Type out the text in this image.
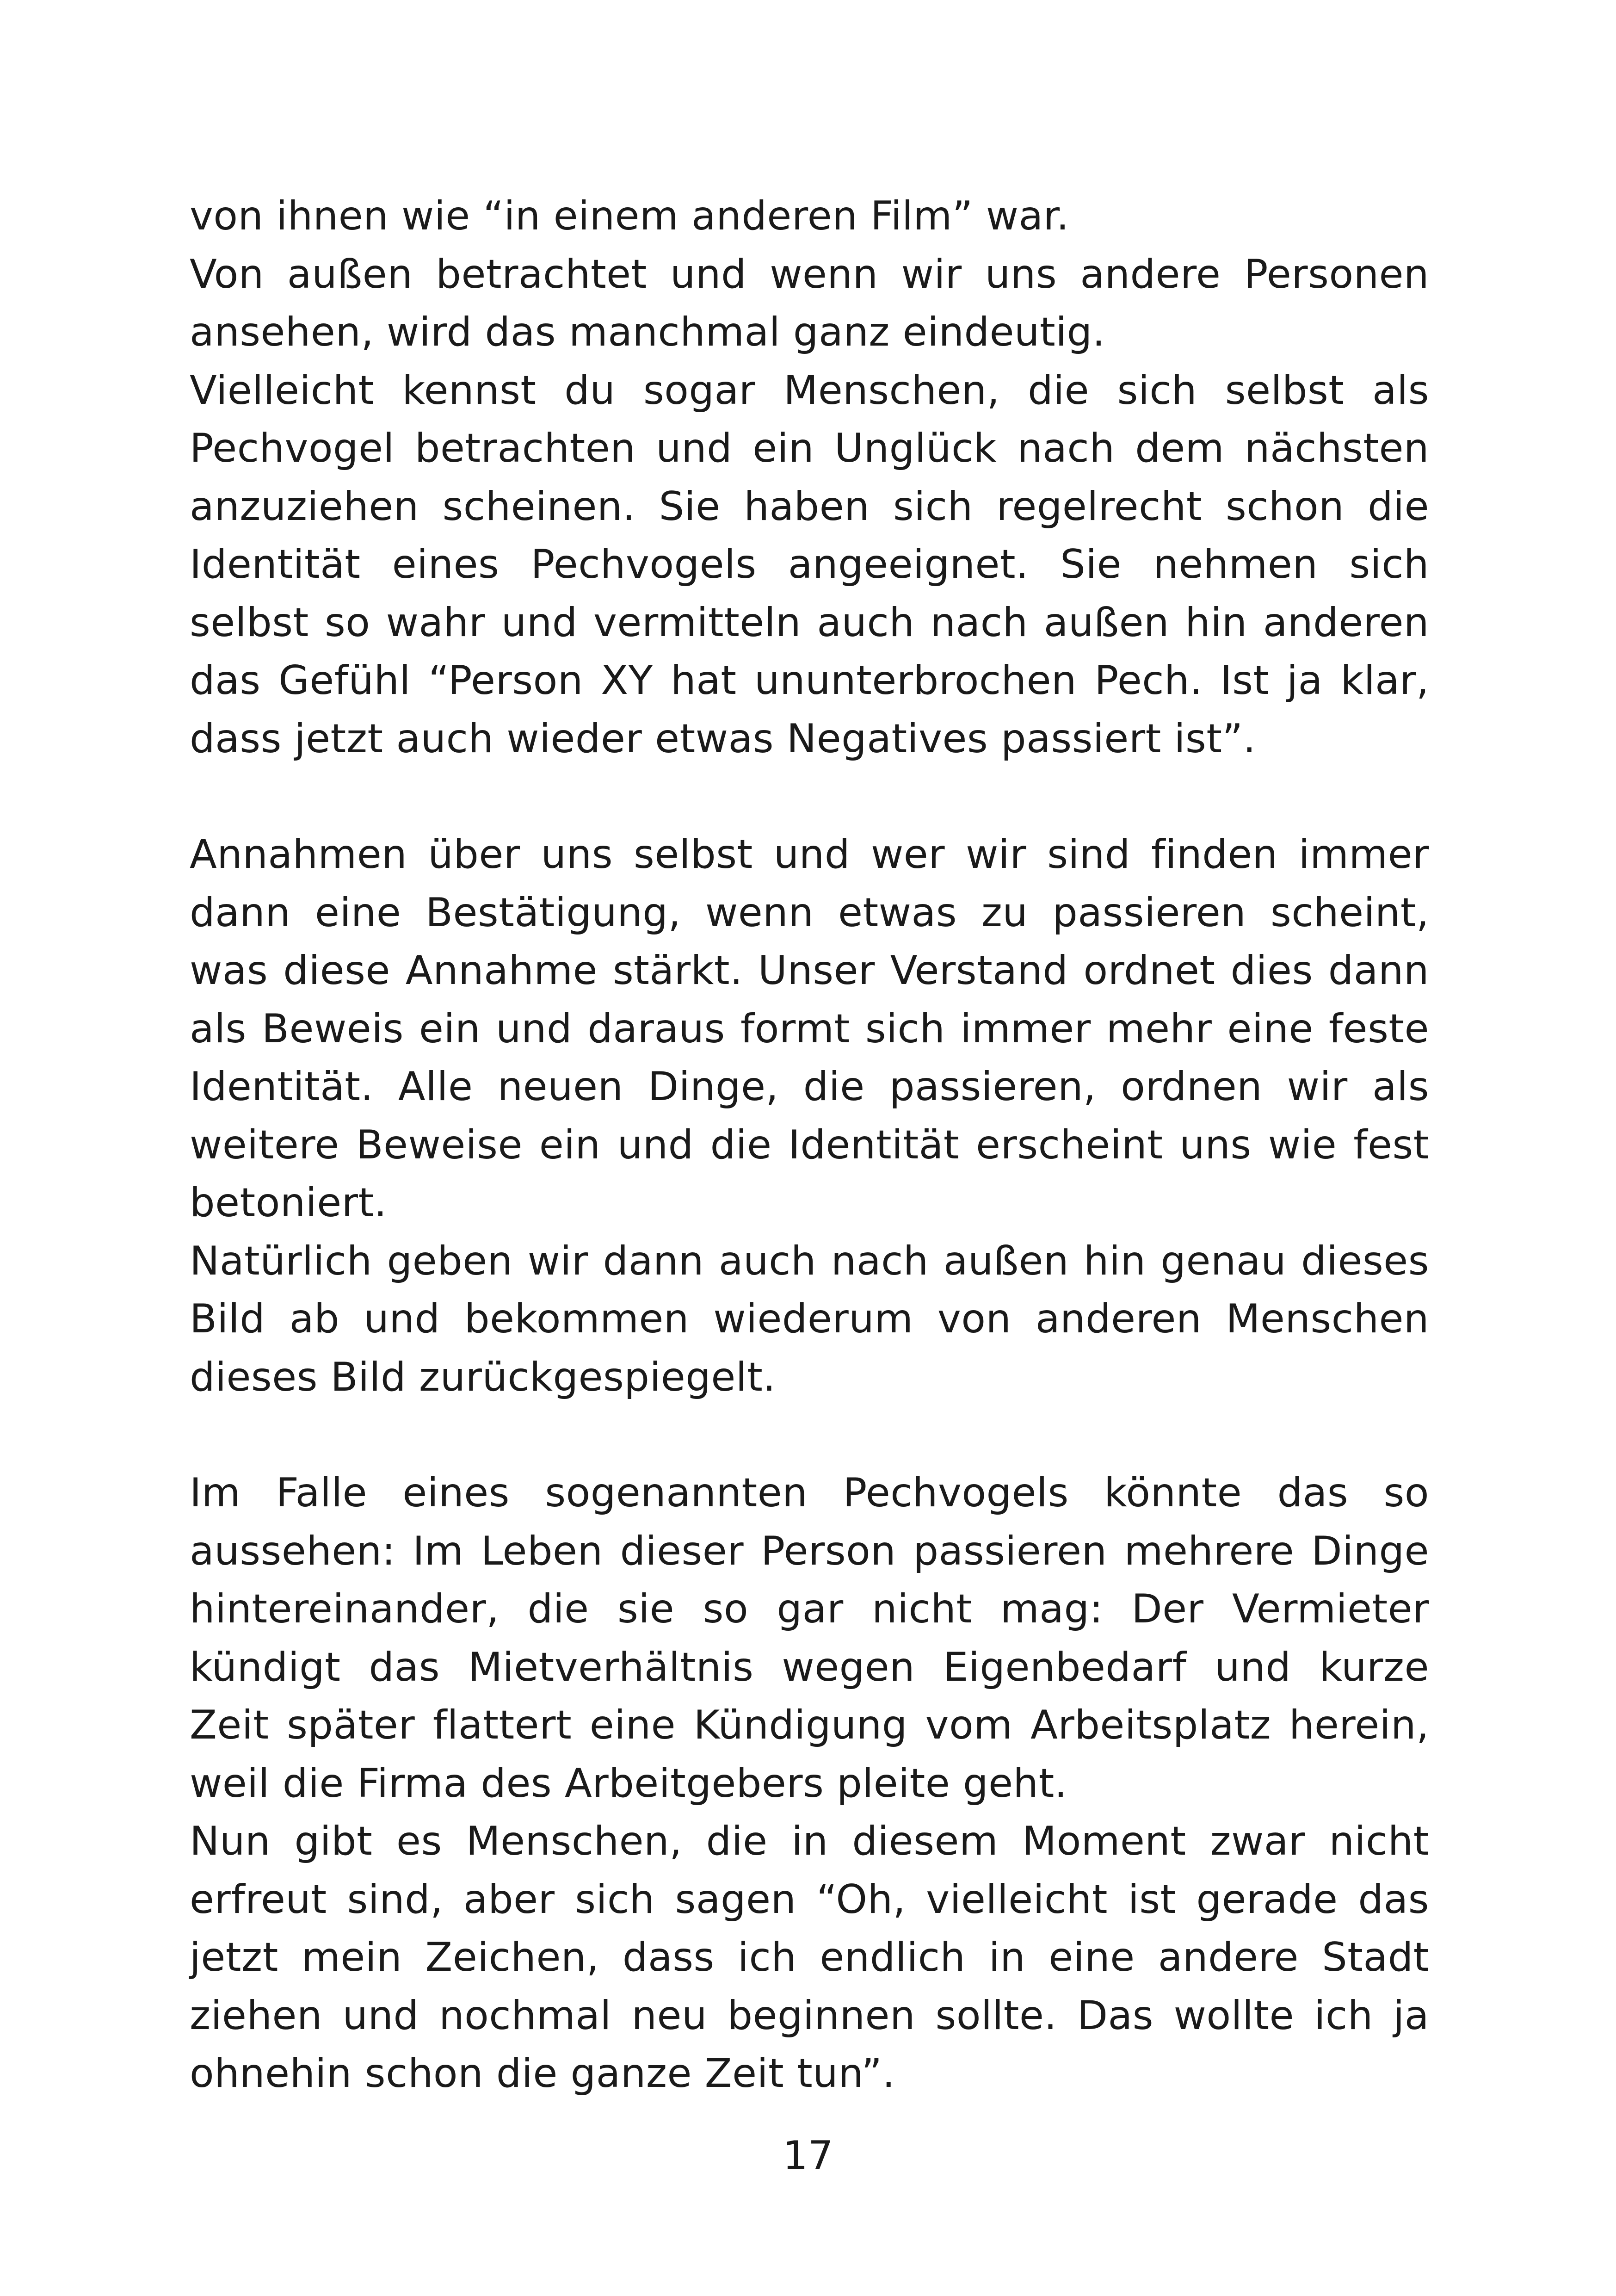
von ihnen wie “in einem anderen Film” war.

Von außen betrachtet und wenn wir uns andere Personen ansehen, wird das manchmal ganz eindeutig.

Vielleicht kennst du sogar Menschen, die sich selbst als Pechvogel betrachten und ein Unglück nach dem nächsten anzuziehen scheinen. Sie haben sich regelrecht schon die Identität eines Pechvogels angeeignet. Sie nehmen sich selbst so wahr und vermitteln auch nach außen hin anderen das Gefühl “Person XY hat ununterbrochen Pech. Ist ja klar, dass jetzt auch wieder etwas Negatives passiert ist”.

Annahmen über uns selbst und wer wir sind finden immer dann eine Bestätigung, wenn etwas zu passieren scheint, was diese Annahme stärkt. Unser Verstand ordnet dies dann als Beweis ein und daraus formt sich immer mehr eine feste Identität. Alle neuen Dinge, die passieren, ordnen wir als weitere Beweise ein und die Identität erscheint uns wie fest betoniert.

Natürlich geben wir dann auch nach außen hin genau dieses Bild ab und bekommen wiederum von anderen Menschen dieses Bild zurückgespiegelt.

Im Falle eines sogenannten Pechvogels könnte das so aussehen: Im Leben dieser Person passieren mehrere Dinge hintereinander, die sie so gar nicht mag: Der Vermieter kündigt das Mietverhältnis wegen Eigenbedarf und kurze Zeit später flattert eine Kündigung vom Arbeitsplatz herein, weil die Firma des Arbeitgebers pleite geht.

Nun gibt es Menschen, die in diesem Moment zwar nicht erfreut sind, aber sich sagen “Oh, vielleicht ist gerade das jetzt mein Zeichen, dass ich endlich in eine andere Stadt ziehen und nochmal neu beginnen sollte. Das wollte ich ja ohnehin schon die ganze Zeit tun”.

17
